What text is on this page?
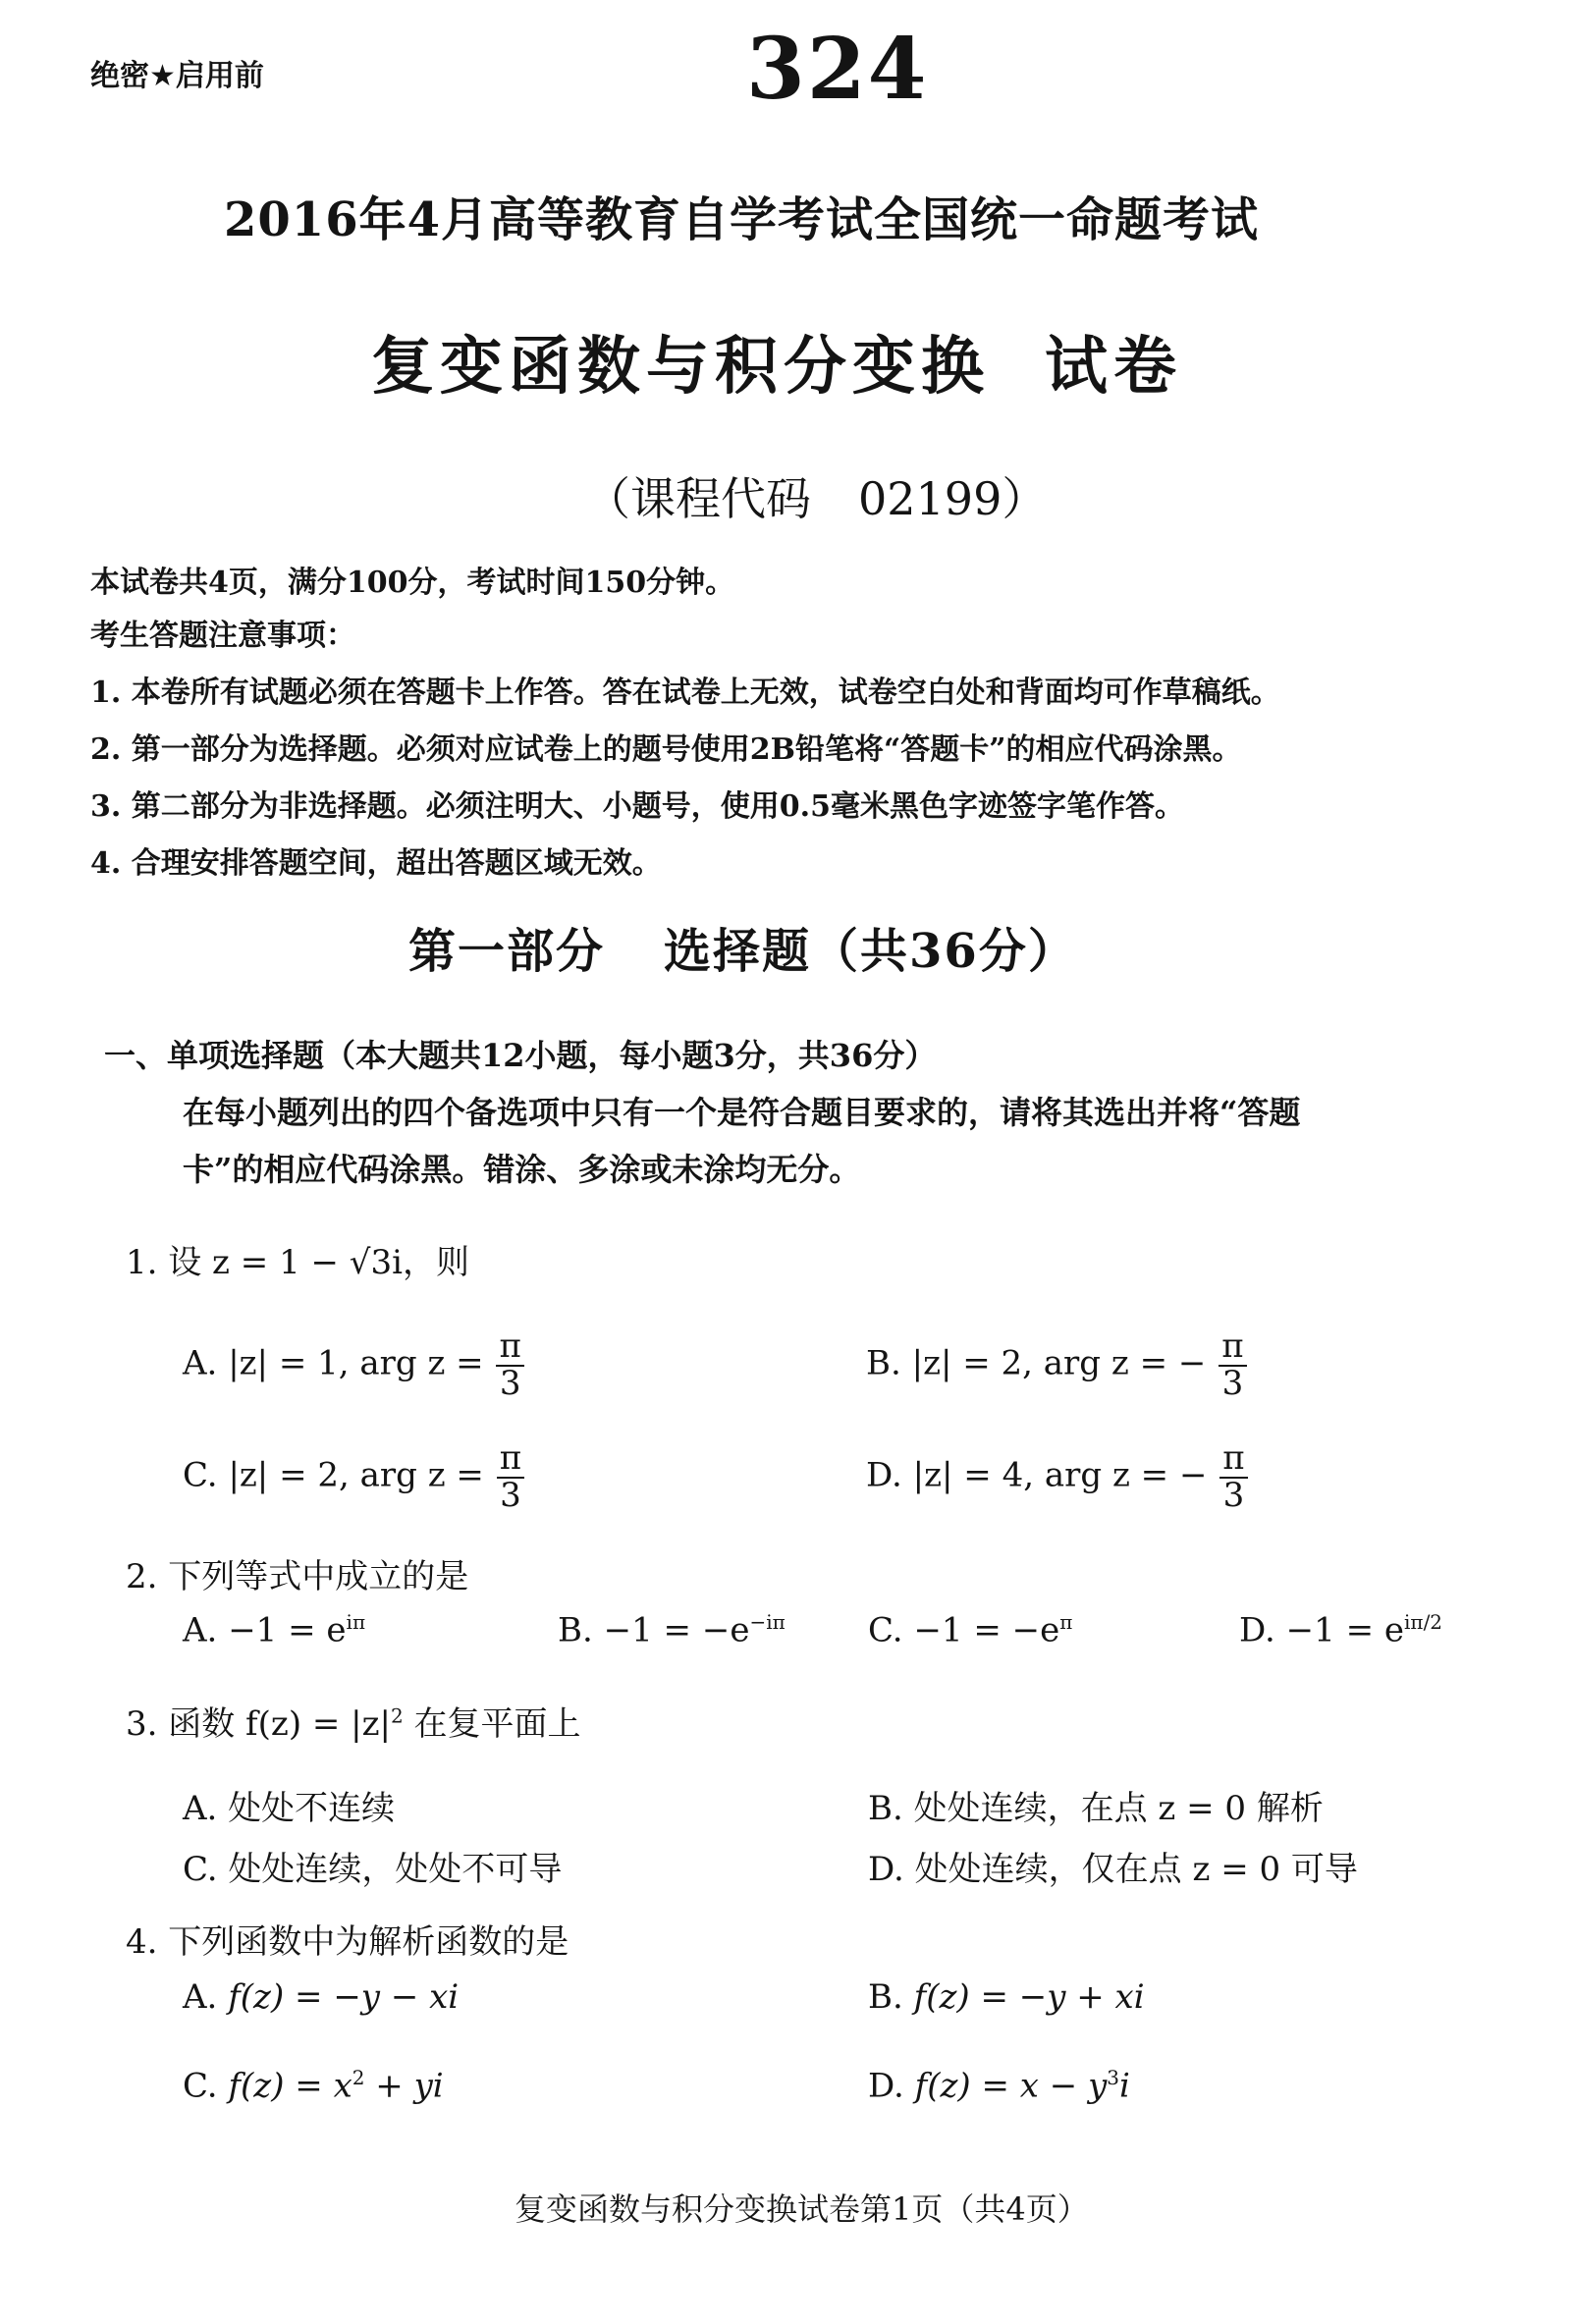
绝密★启用前	324
2016年4月高等教育自学考试全国统一命题考试
复变函数与积分变换 试卷
（课程代码 02199）
本试卷共4页，满分100分，考试时间150分钟。
考生答题注意事项：
1. 本卷所有试题必须在答题卡上作答。答在试卷上无效，试卷空白处和背面均可作草稿纸。
2. 第一部分为选择题。必须对应试卷上的题号使用2B铅笔将“答题卡”的相应代码涂黑。
3. 第二部分为非选择题。必须注明大、小题号，使用0.5毫米黑色字迹签字笔作答。
4. 合理安排答题空间，超出答题区域无效。
第一部分 选择题（共36分）
一、单项选择题（本大题共12小题，每小题3分，共36分）
在每小题列出的四个备选项中只有一个是符合题目要求的，请将其选出并将“答题
卡”的相应代码涂黑。错涂、多涂或未涂均无分。
1. 设 z = 1 − √3i，则
A. |z| = 1, arg $z = \frac{\pi}{3}$	B. |z| = 2, arg z = − $\frac{\pi}{3}$
C. |z| = 2, arg $z = \frac{\pi}{3}$	D. |z| = 4, arg z = − $\frac{\pi}{3}$
2. 下列等式中成立的是
A. $-1 = e^{i\pi}$	B. $-1 = -e^{-i\pi}$ C. $-1 = -e^\pi$	D. $-1 = e^{i\pi/2}$
3. 函数 $f(z) = |z|^2$ 在复平面上
A. 处处不连续	B. 处处连续，在点 z = 0 解析
C. 处处连续，处处不可导	D. 处处连续，仅在点 z = 0 可导
4. 下列函数中为解析函数的是
A. f(z) = −y − xi	B. f(z) = −y + xi
C. $f(z) = x^2$ + yi	D. $f(z) = x - y^3i$
复变函数与积分变换试卷第1页（共4页）
